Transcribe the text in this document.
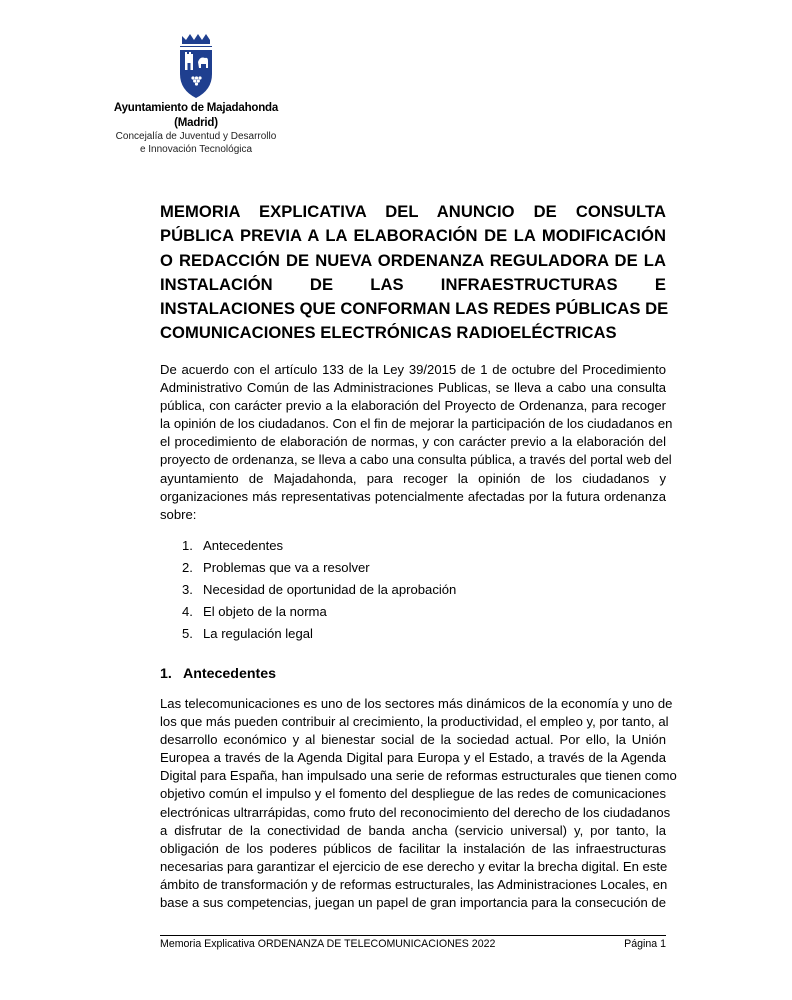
Ayuntamiento de Majadahonda
(Madrid)
Concejalía de Juventud y Desarrollo
e Innovación Tecnológica
MEMORIA EXPLICATIVA DEL ANUNCIO DE CONSULTA
PÚBLICA PREVIA A LA ELABORACIÓN DE LA MODIFICACIÓN
O REDACCIÓN DE NUEVA ORDENANZA REGULADORA DE LA
INSTALACIÓN DE LAS INFRAESTRUCTURAS E
INSTALACIONES QUE CONFORMAN LAS REDES PÚBLICAS DE
COMUNICACIONES ELECTRÓNICAS RADIOELÉCTRICAS
De acuerdo con el artículo 133 de la Ley 39/2015 de 1 de octubre del Procedimiento
Administrativo Común de las Administraciones Publicas, se lleva a cabo una consulta
pública, con carácter previo a la elaboración del Proyecto de Ordenanza, para recoger
la opinión de los ciudadanos. Con el fin de mejorar la participación de los ciudadanos en
el procedimiento de elaboración de normas, y con carácter previo a la elaboración del
proyecto de ordenanza, se lleva a cabo una consulta pública, a través del portal web del
ayuntamiento de Majadahonda, para recoger la opinión de los ciudadanos y
organizaciones más representativas potencialmente afectadas por la futura ordenanza
sobre:
1. Antecedentes
2. Problemas que va a resolver
3. Necesidad de oportunidad de la aprobación
4. El objeto de la norma
5. La regulación legal
1. Antecedentes
Las telecomunicaciones es uno de los sectores más dinámicos de la economía y uno de
los que más pueden contribuir al crecimiento, la productividad, el empleo y, por tanto, al
desarrollo económico y al bienestar social de la sociedad actual. Por ello, la Unión
Europea a través de la Agenda Digital para Europa y el Estado, a través de la Agenda
Digital para España, han impulsado una serie de reformas estructurales que tienen como
objetivo común el impulso y el fomento del despliegue de las redes de comunicaciones
electrónicas ultrarrápidas, como fruto del reconocimiento del derecho de los ciudadanos
a disfrutar de la conectividad de banda ancha (servicio universal) y, por tanto, la
obligación de los poderes públicos de facilitar la instalación de las infraestructuras
necesarias para garantizar el ejercicio de ese derecho y evitar la brecha digital. En este
ámbito de transformación y de reformas estructurales, las Administraciones Locales, en
base a sus competencias, juegan un papel de gran importancia para la consecución de
Memoria Explicativa ORDENANZA DE TELECOMUNICACIONES 2022	Página 1
